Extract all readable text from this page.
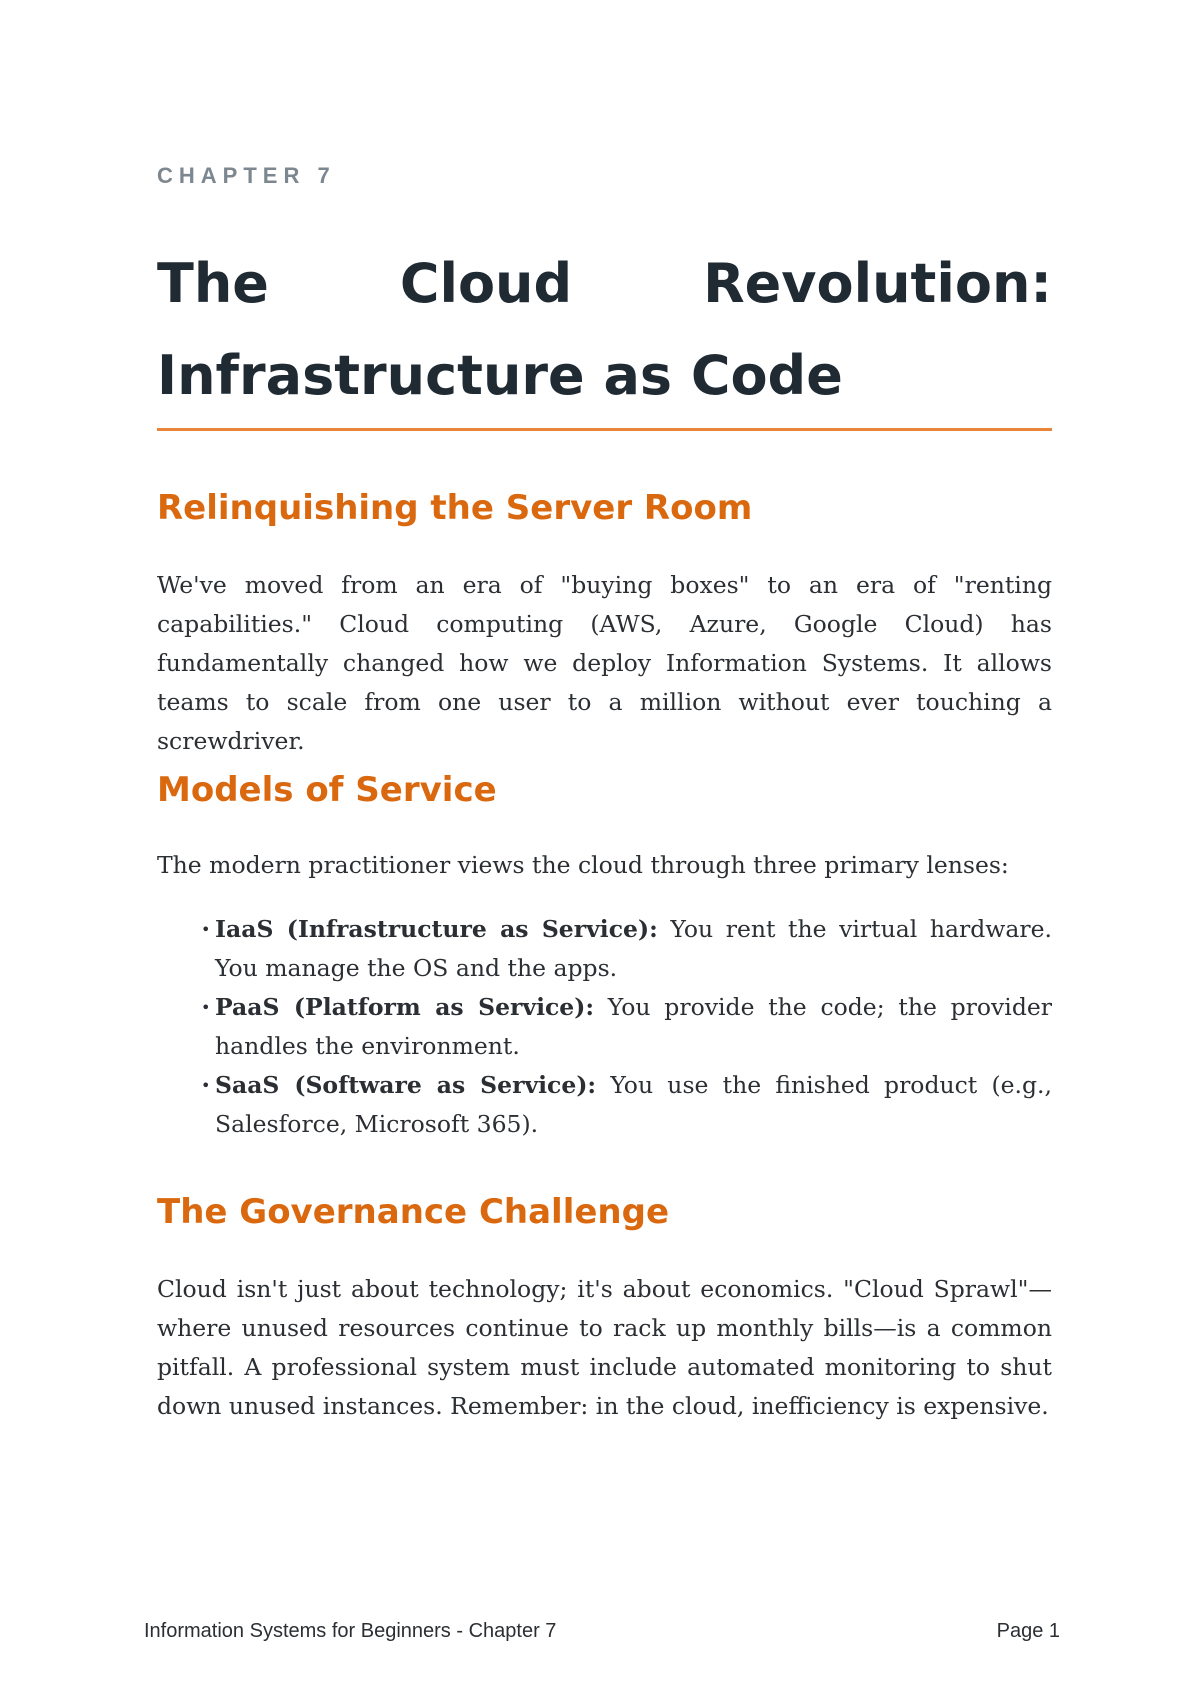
CHAPTER 7
The Cloud Revolution:
Infrastructure as Code
Relinquishing the Server Room

We've moved from an era of "buying boxes" to an era of "renting capabilities." Cloud computing (AWS, Azure, Google Cloud) has fundamentally changed how we deploy Information Systems. It allows teams to scale from one user to a million without ever touching a screwdriver.

Models of Service

The modern practitioner views the cloud through three primary lenses:

• IaaS (Infrastructure as Service): You rent the virtual hardware. You manage the OS and the apps.
• PaaS (Platform as Service): You provide the code; the provider handles the environment.
• SaaS (Software as Service): You use the finished product (e.g., Salesforce, Microsoft 365).
The Governance Challenge

Cloud isn't just about technology; it's about economics. "Cloud Sprawl"—where unused resources continue to rack up monthly bills—is a common pitfall. A professional system must include automated monitoring to shut down unused instances. Remember: in the cloud, inefficiency is expensive.

Information Systems for Beginners - Chapter 7	Page 1
